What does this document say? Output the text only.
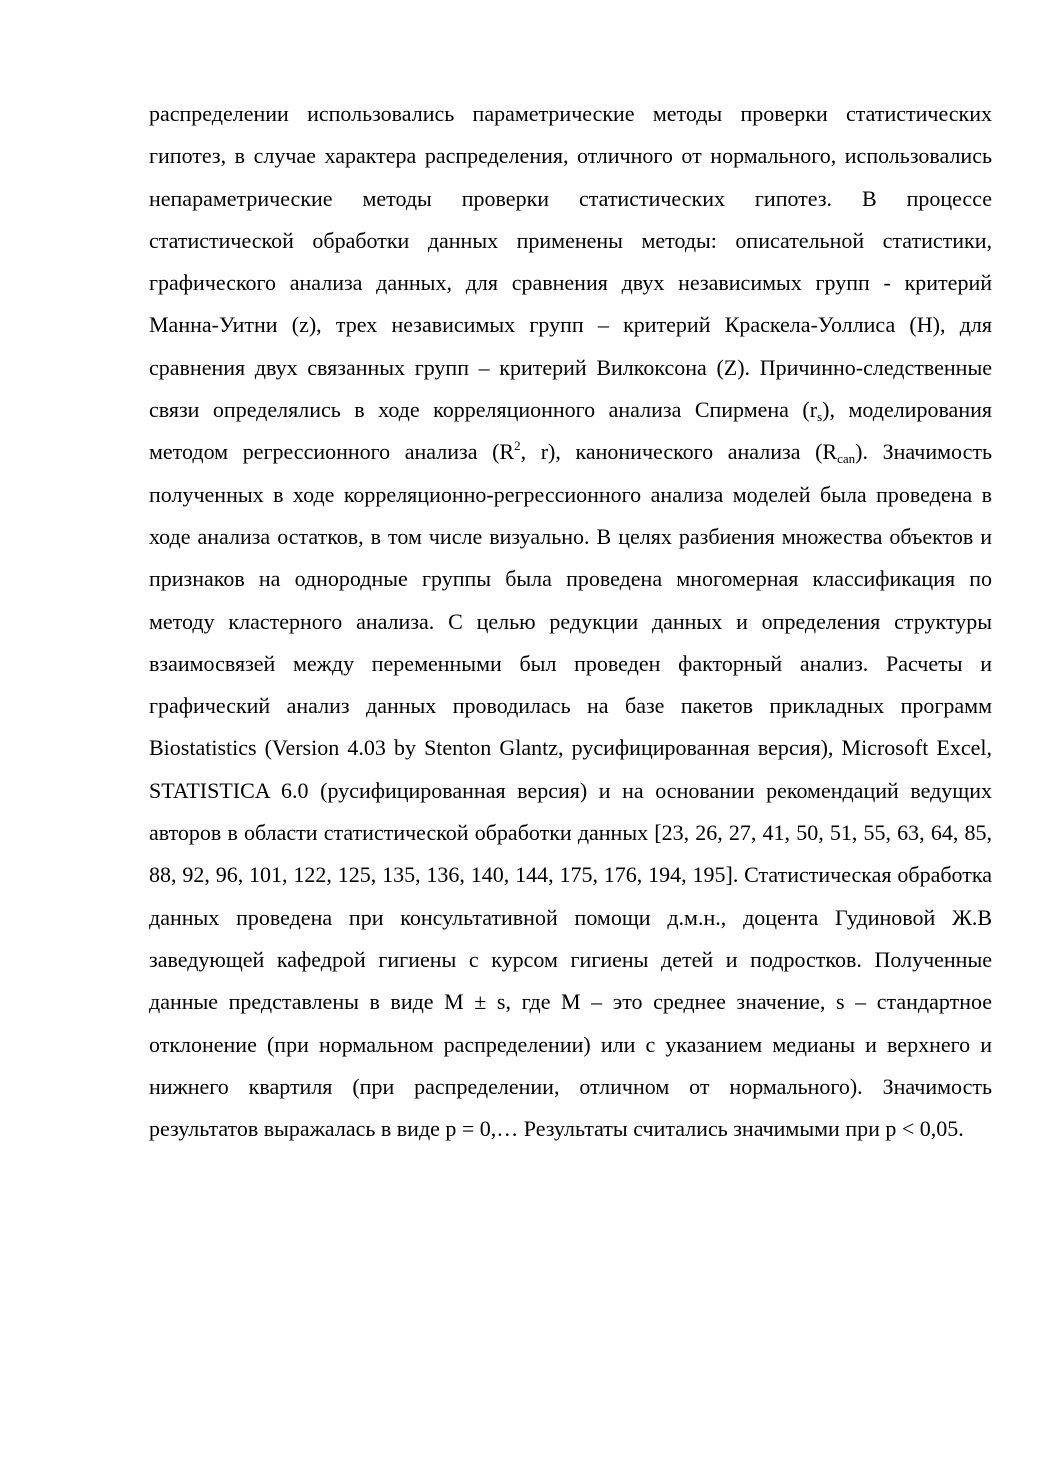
распределении использовались параметрические методы проверки статистических гипотез, в случае характера распределения, отличного от нормального, использовались непараметрические методы проверки статистических гипотез. В процессе статистической обработки данных применены методы: описательной статистики, графического анализа данных, для сравнения двух независимых групп - критерий Манна-Уитни (z), трех независимых групп – критерий Краскела-Уоллиса (H), для сравнения двух связанных групп – критерий Вилкоксона (Z). Причинно-следственные связи определялись в ходе корреляционного анализа Спирмена $(r_s)$, моделирования методом регрессионного анализа ($R^2$, r), канонического анализа $(R_{can})$. Значимость полученных в ходе корреляционно-регрессионного анализа моделей была проведена в ходе анализа остатков, в том числе визуально. В целях разбиения множества объектов и признаков на однородные группы была проведена многомерная классификация по методу кластерного анализа. С целью редукции данных и определения структуры взаимосвязей между переменными был проведен факторный анализ. Расчеты и графический анализ данных проводилась на базе пакетов прикладных программ Biostatistics (Version 4.03 by Stenton Glantz, русифицированная версия), Microsoft Excel, STATISTICA 6.0 (русифицированная версия) и на основании рекомендаций ведущих авторов в области статистической обработки данных [23, 26, 27, 41, 50, 51, 55, 63, 64, 85, 88, 92, 96, 101, 122, 125, 135, 136, 140, 144, 175, 176, 194, 195]. Статистическая обработка данных проведена при консультативной помощи д.м.н., доцента Гудиновой Ж.В заведующей кафедрой гигиены с курсом гигиены детей и подростков. Полученные данные представлены в виде M ± s, где M – это среднее значение, s – стандартное отклонение (при нормальном распределении) или с указанием медианы и верхнего и нижнего квартиля (при распределении, отличном от нормального). Значимость результатов выражалась в виде p = 0,… Результаты считались значимыми при p < 0,05.
